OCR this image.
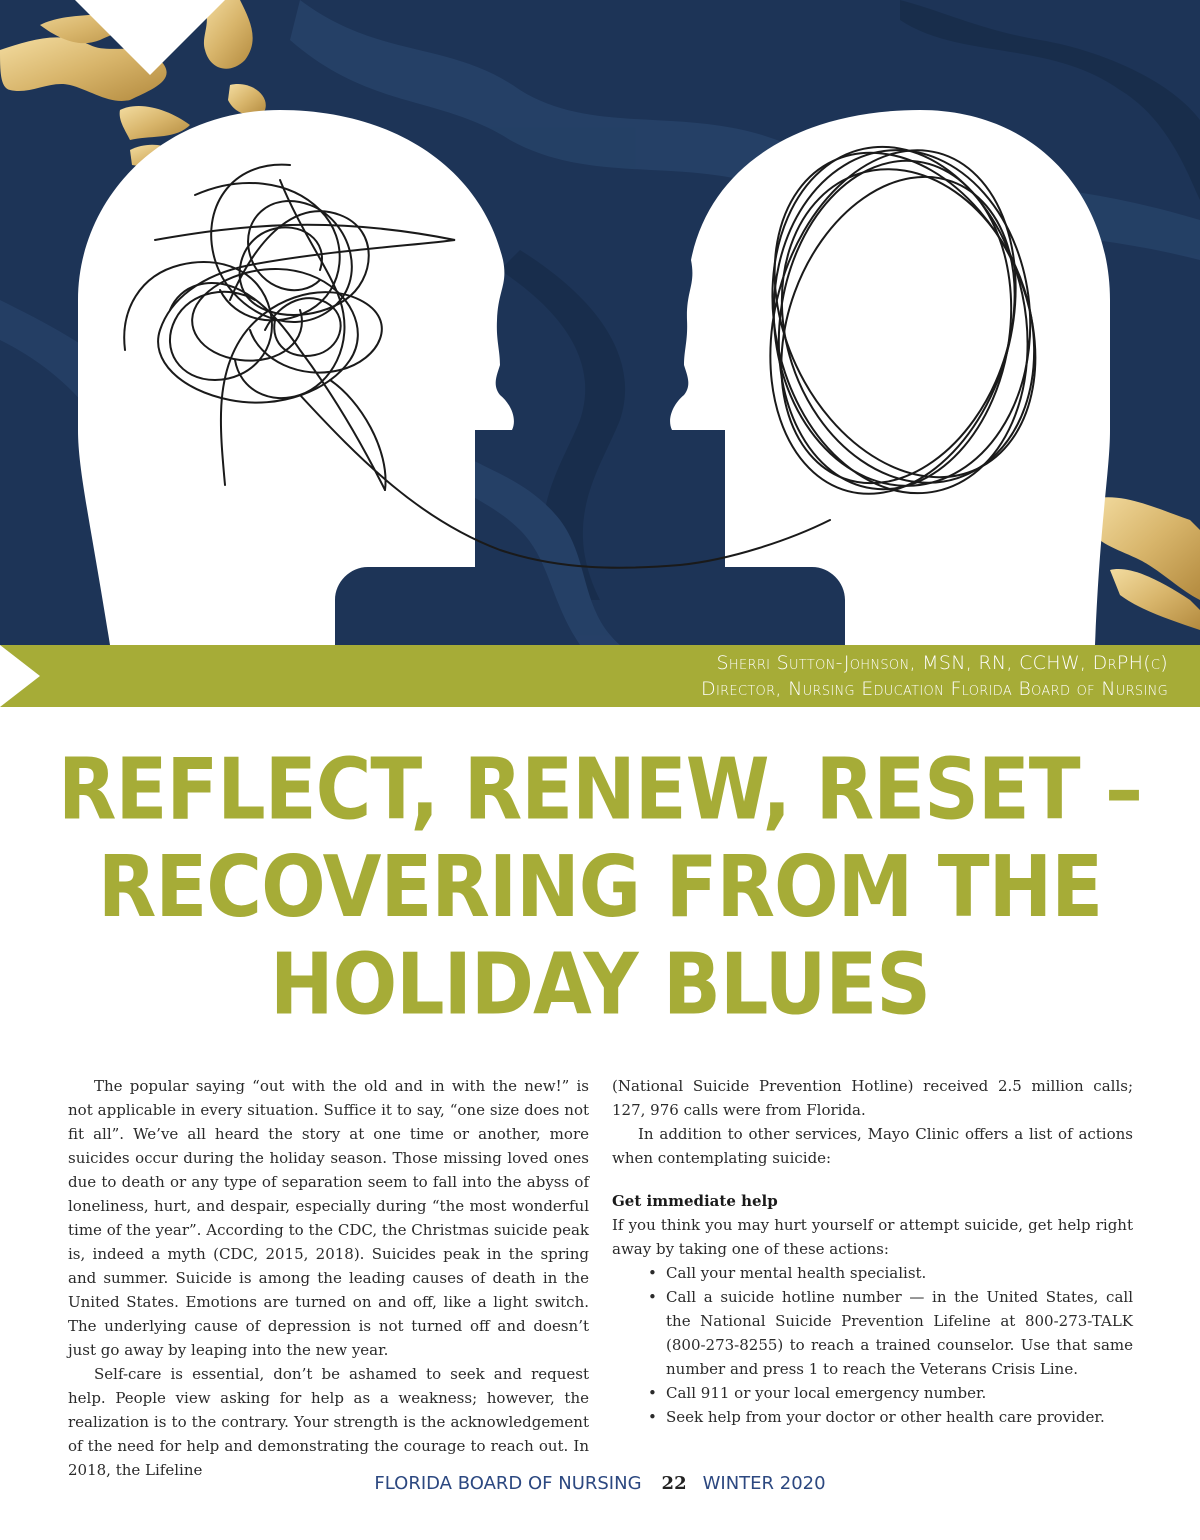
Sherri Sutton-Johnson, MSN, RN, CCHW, DrPH(c)
Director, Nursing Education Florida Board of Nursing
REFLECT, RENEW, RESET –
RECOVERING FROM THE
HOLIDAY BLUES

The popular saying “out with the old and in with the new!” is not applicable in every situation. Suffice it to say, “one size does not fit all”. We’ve all heard the story at one time or another, more suicides occur during the holiday season. Those missing loved ones due to death or any type of separation seem to fall into the abyss of loneliness, hurt, and despair, especially during “the most wonderful time of the year”. According to the CDC, the Christmas suicide peak is, indeed a myth (CDC, 2015, 2018). Suicides peak in the spring and summer. Suicide is among the leading causes of death in the United States. Emotions are turned on and off, like a light switch. The underlying cause of depression is not turned off and doesn’t just go away by leaping into the new year.

Self-care is essential, don’t be ashamed to seek and request help. People view asking for help as a weakness; however, the realization is to the contrary. Your strength is the acknowledgement of the need for help and demonstrating the courage to reach out. In 2018, the Lifeline

(National Suicide Prevention Hotline) received 2.5 million calls; 127, 976 calls were from Florida.

In addition to other services, Mayo Clinic offers a list of actions when contemplating suicide:

Get immediate help

If you think you may hurt yourself or attempt suicide, get help right away by taking one of these actions:

• Call your mental health specialist.
• Call a suicide hotline number — in the United States, call the National Suicide Prevention Lifeline at 800-273-TALK (800-273-8255) to reach a trained counselor. Use that same number and press 1 to reach the Veterans Crisis Line.
• Call 911 or your local emergency number.
• Seek help from your doctor or other health care provider.
FLORIDA BOARD OF NURSING 22 WINTER 2020
